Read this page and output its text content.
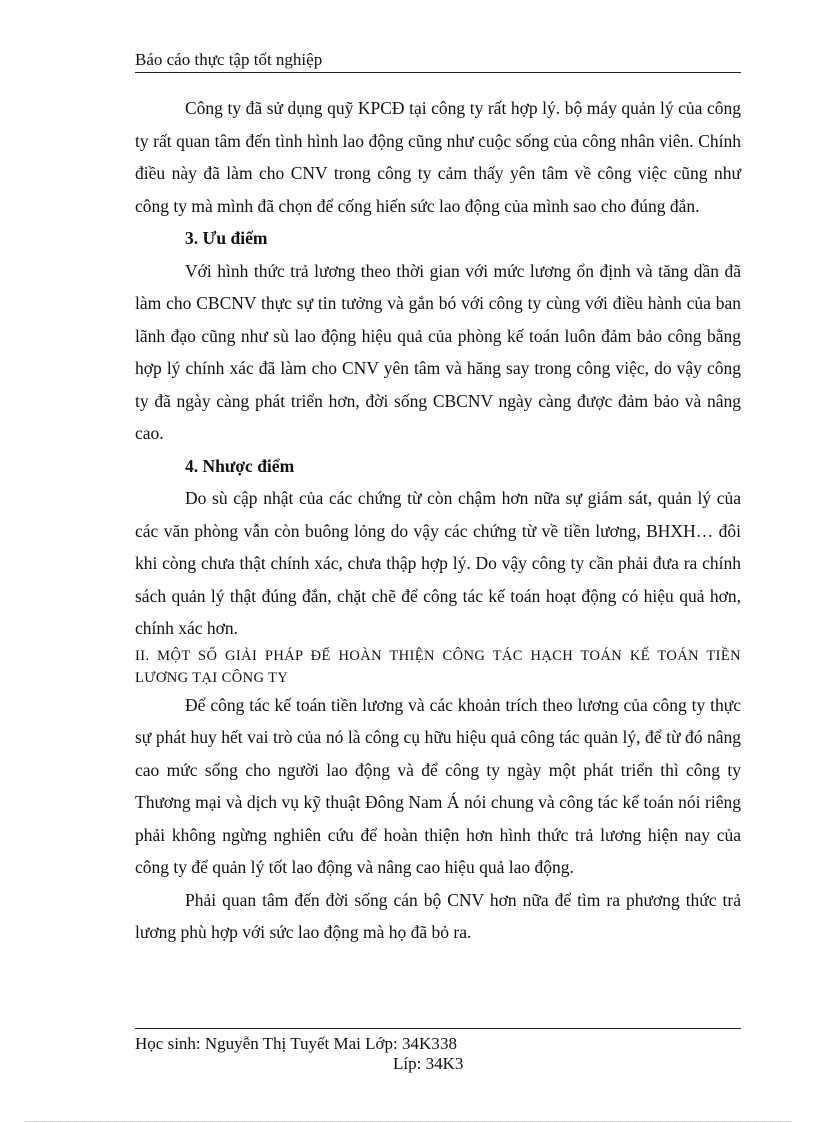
Báo cáo thực tập tốt nghiệp

Công ty đã sử dụng quỹ KPCĐ tại công ty rất hợp lý. bộ máy quản lý của công ty rất quan tâm đến tình hình lao động cũng như cuộc sống của công nhân viên. Chính điều này đã làm cho CNV trong công ty cảm thấy yên tâm về công việc cũng như công ty mà mình đã chọn để cống hiến sức lao động của mình sao cho đúng đắn.

3. Ưu điểm

Với hình thức trả lương theo thời gian với mức lương ổn định và tăng dần đã làm cho CBCNV thực sự tin tưởng và gắn bó với công ty cùng với điều hành của ban lãnh đạo cũng như sù lao động hiệu quả của phòng kế toán luôn đảm bảo công bằng hợp lý chính xác đã làm cho CNV yên tâm và hăng say trong công việc, do vậy công ty đã ngày càng phát triển hơn, đời sống CBCNV ngày càng được đảm bảo và nâng cao.

4. Nhược điểm

Do sù cập nhật của các chứng từ còn chậm hơn nữa sự giám sát, quản lý của các văn phòng vẫn còn buông lỏng do vậy các chứng từ về tiền lương, BHXH… đôi khi còng chưa thật chính xác, chưa thập hợp lý. Do vậy công ty cần phải đưa ra chính sách quản lý thật đúng đắn, chặt chẽ để công tác kế toán hoạt động có hiệu quả hơn, chính xác hơn.

II. MỘT SỐ GIẢI PHÁP ĐỂ HOÀN THIỆN CÔNG TÁC HẠCH TOÁN KẾ TOÁN TIỀN LƯƠNG TẠI CÔNG TY

Để công tác kế toán tiền lương và các khoản trích theo lương của công ty thực sự phát huy hết vai trò của nó là công cụ hữu hiệu quả công tác quản lý, để từ đó nâng cao mức sống cho người lao động và để công ty ngày một phát triển thì công ty Thương mại và dịch vụ kỹ thuật Đông Nam Á nói chung và công tác kế toán nói riêng phải không ngừng nghiên cứu để hoàn thiện hơn hình thức trả lương hiện nay của công ty để quản lý tốt lao động và nâng cao hiệu quả lao động.

Phải quan tâm đến đời sống cán bộ CNV hơn nữa để tìm ra phương thức trả lương phù hợp với sức lao động mà họ đã bỏ ra.

Học sinh: Nguyễn Thị Tuyết Mai Lớp: 34K3 38
Líp: 34K3
